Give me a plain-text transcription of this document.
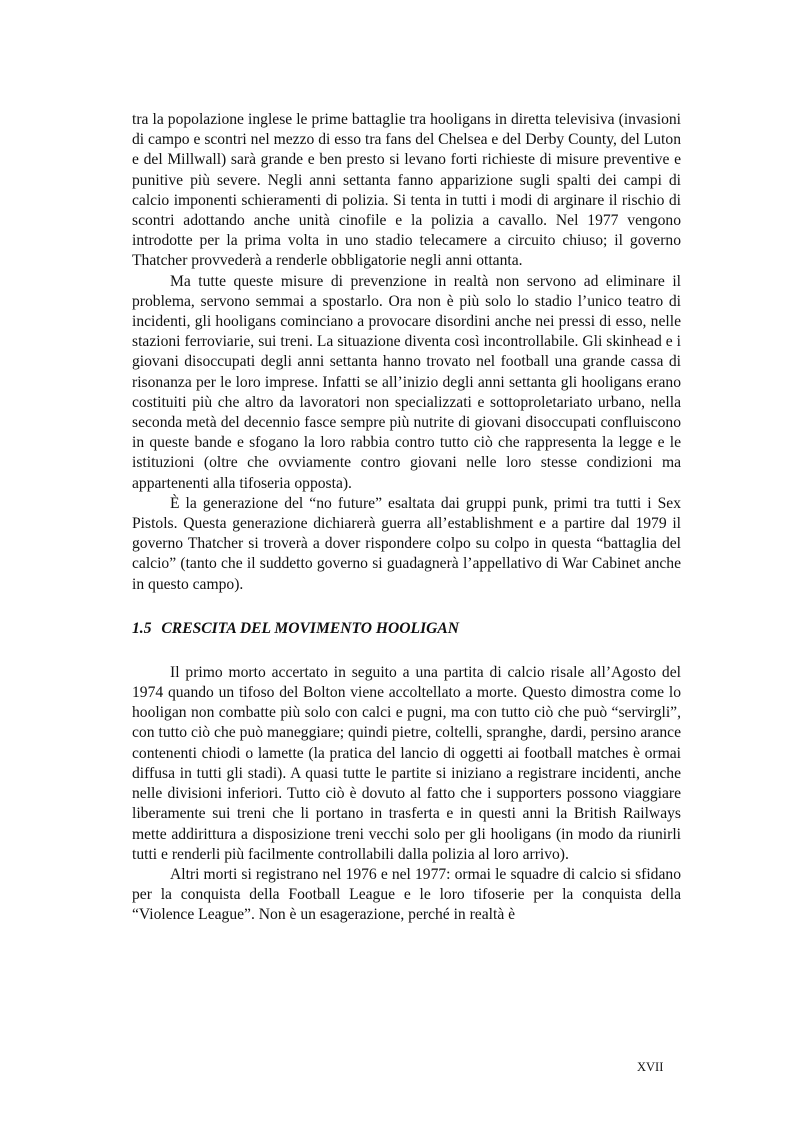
tra la popolazione inglese le prime battaglie tra hooligans in diretta televisiva (invasioni di campo e scontri nel mezzo di esso tra fans del Chelsea e del Derby County, del Luton e del Millwall) sarà grande e ben presto si levano forti richieste di misure preventive e punitive più severe. Negli anni settanta fanno apparizione sugli spalti dei campi di calcio imponenti schieramenti di polizia. Si tenta in tutti i modi di arginare il rischio di scontri adottando anche unità cinofile e la polizia a cavallo. Nel 1977 vengono introdotte per la prima volta in uno stadio telecamere a circuito chiuso; il governo Thatcher provvederà a renderle obbligatorie negli anni ottanta.

Ma tutte queste misure di prevenzione in realtà non servono ad eliminare il problema, servono semmai a spostarlo. Ora non è più solo lo stadio l’unico teatro di incidenti, gli hooligans cominciano a provocare disordini anche nei pressi di esso, nelle stazioni ferroviarie, sui treni. La situazione diventa così incontrollabile. Gli skinhead e i giovani disoccupati degli anni settanta hanno trovato nel football una grande cassa di risonanza per le loro imprese. Infatti se all’inizio degli anni settanta gli hooligans erano costituiti più che altro da lavoratori non specializzati e sottoproletariato urbano, nella seconda metà del decennio fasce sempre più nutrite di giovani disoccupati confluiscono in queste bande e sfogano la loro rabbia contro tutto ciò che rappresenta la legge e le istituzioni (oltre che ovviamente contro giovani nelle loro stesse condizioni ma appartenenti alla tifoseria opposta).

È la generazione del “no future” esaltata dai gruppi punk, primi tra tutti i Sex Pistols. Questa generazione dichiarerà guerra all’establishment e a partire dal 1979 il governo Thatcher si troverà a dover rispondere colpo su colpo in questa “battaglia del calcio” (tanto che il suddetto governo si guadagnerà l’appellativo di War Cabinet anche in questo campo).

1.5 CRESCITA DEL MOVIMENTO HOOLIGAN

Il primo morto accertato in seguito a una partita di calcio risale all’Agosto del 1974 quando un tifoso del Bolton viene accoltellato a morte. Questo dimostra come lo hooligan non combatte più solo con calci e pugni, ma con tutto ciò che può “servirgli”, con tutto ciò che può maneggiare; quindi pietre, coltelli, spranghe, dardi, persino arance contenenti chiodi o lamette (la pratica del lancio di oggetti ai football matches è ormai diffusa in tutti gli stadi). A quasi tutte le partite si iniziano a registrare incidenti, anche nelle divisioni inferiori. Tutto ciò è dovuto al fatto che i supporters possono viaggiare liberamente sui treni che li portano in trasferta e in questi anni la British Railways mette addirittura a disposizione treni vecchi solo per gli hooligans (in modo da riunirli tutti e renderli più facilmente controllabili dalla polizia al loro arrivo).

Altri morti si registrano nel 1976 e nel 1977: ormai le squadre di calcio si sfidano per la conquista della Football League e le loro tifoserie per la conquista della “Violence League”. Non è un esagerazione, perché in realtà è

XVII
